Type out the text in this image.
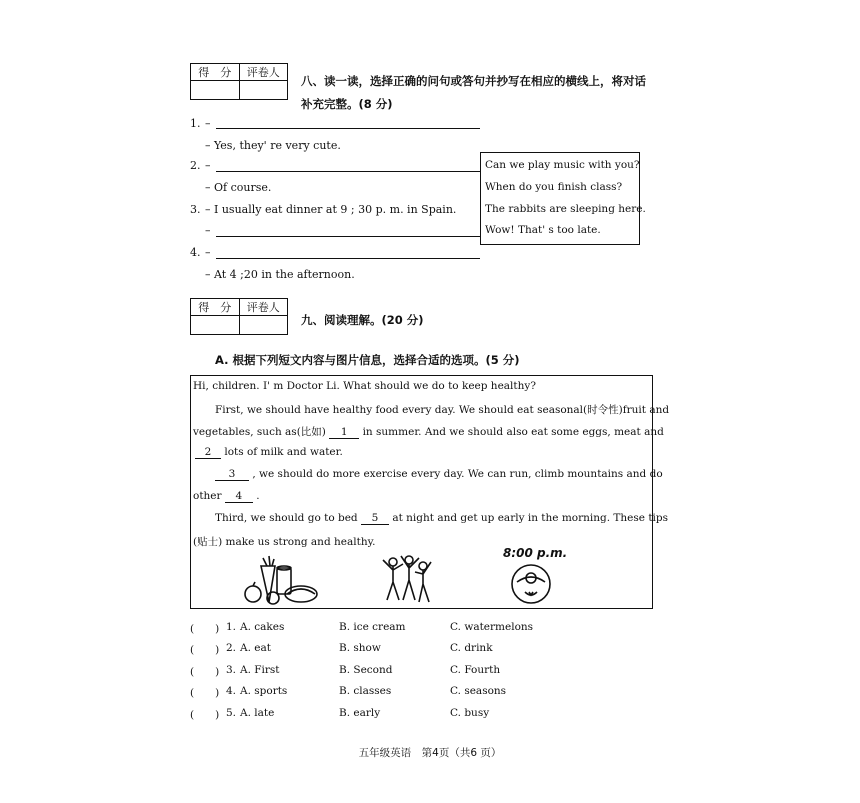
得　分	评卷人

八、读一读，选择正确的问句或答句并抄写在相应的横线上，将对话
补充完整。(8 分)
1. –
– Yes, they' re very cute.
2. –
– Of course.
3. – I usually eat dinner at 9 ; 30 p. m. in Spain.
–
4. –
– At 4 ;20 in the afternoon.
Can we play music with you?
When do you finish class?
The rabbits are sleeping here.
Wow! That' s too late.
得　分	评卷人

九、阅读理解。(20 分)
A. 根据下列短文内容与图片信息，选择合适的选项。(5 分)
Hi, children. I' m Doctor Li. What should we do to keep healthy?
First, we should have healthy food every day. We should eat seasonal(时令性)fruit and
vegetables, such as(比如) 1 in summer. And we should also eat some eggs, meat and
2 lots of milk and water.
3 , we should do more exercise every day. We can run, climb mountains and do
other 4 .
Third, we should go to bed 5 at night and get up early in the morning. These tips
(贴士) make us strong and healthy.
8:00 p.m.
(　　) 1. A. cakes	B. ice cream	C. watermelons
(　　) 2. A. eat	B. show	C. drink
(　　) 3. A. First	B. Second	C. Fourth
(　　) 4. A. sports	B. classes	C. seasons
(　　) 5. A. late	B. early	C. busy
五年级英语　第4页（共6 页）
